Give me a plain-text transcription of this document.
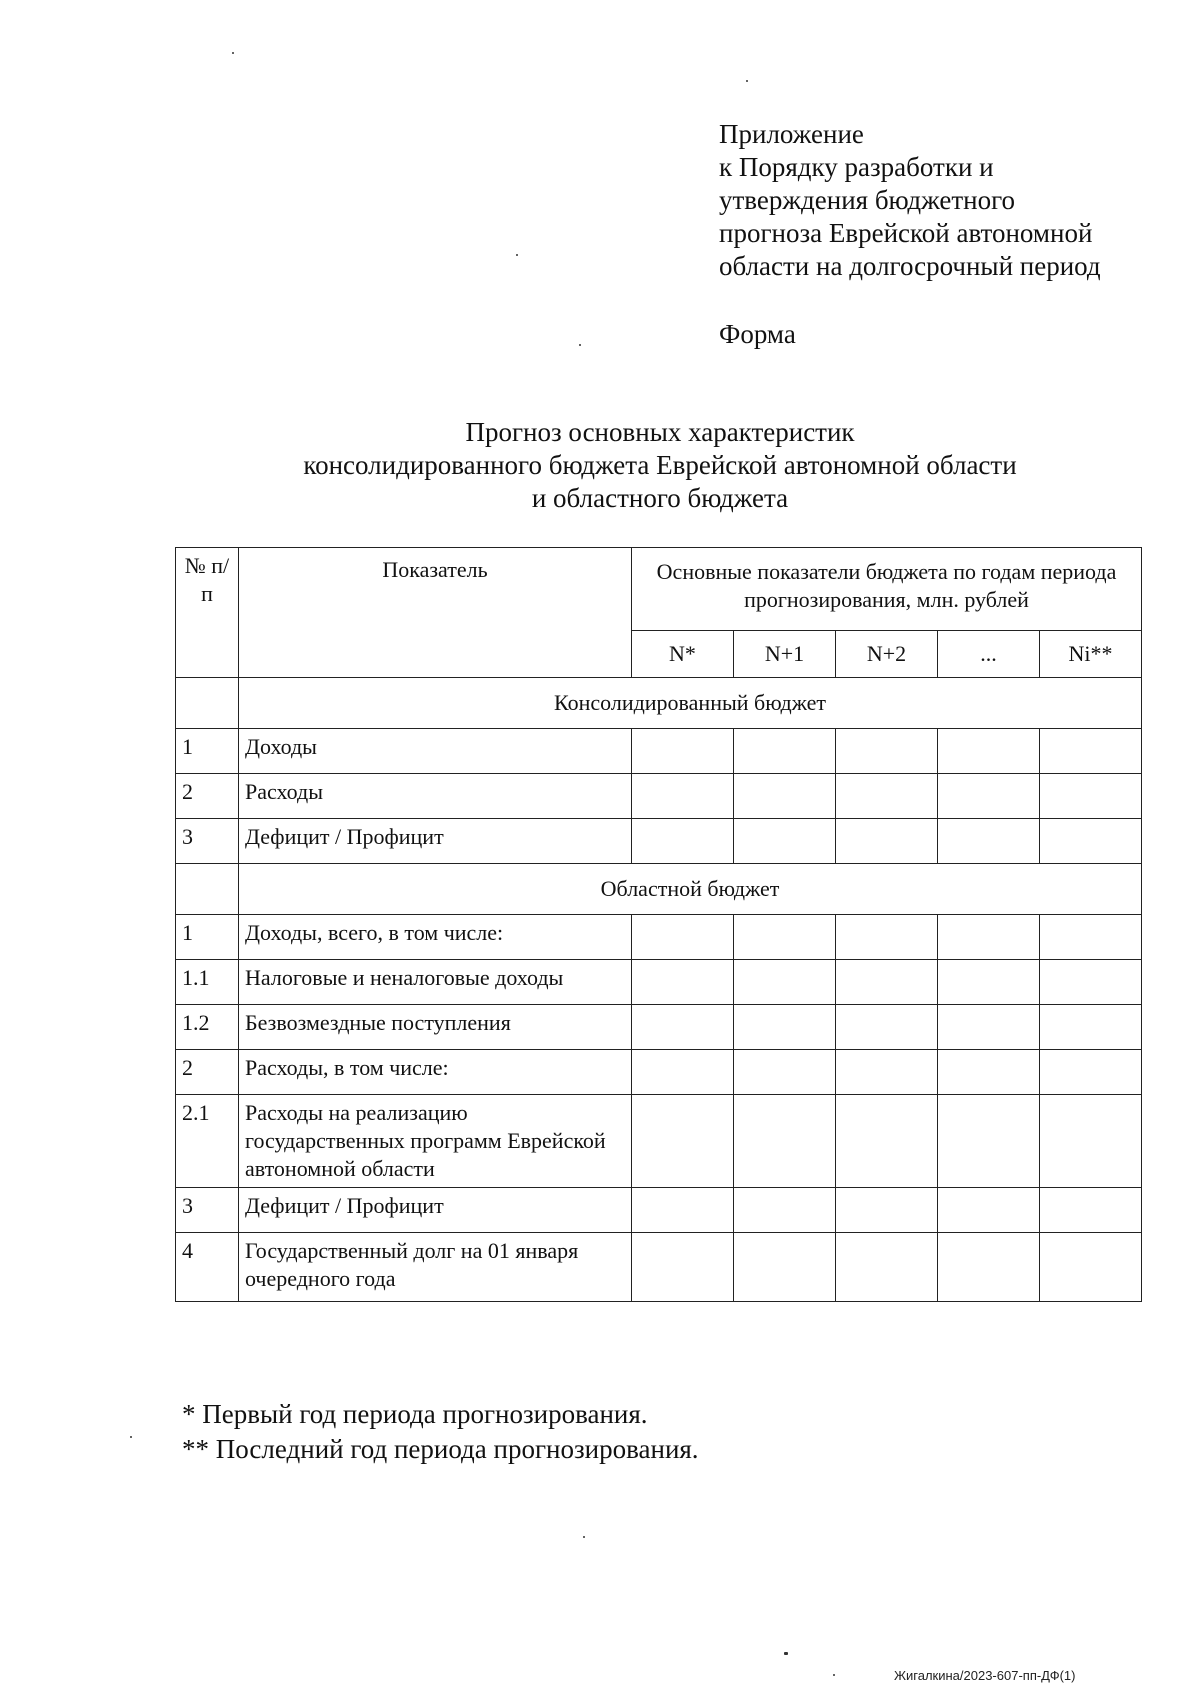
Приложение
к Порядку разработки и
утверждения бюджетного
прогноза Еврейской автономной
области на долгосрочный период
Форма
Прогноз основных характеристик
консолидированного бюджета Еврейской автономной области
и областного бюджета
№ п/п	Показатель	Основные показатели бюджета по годам периода прогнозирования, млн. рублей				
		N*	N+1	N+2	...	Ni**
	Консолидированный бюджет					
1	Доходы					
2	Расходы					
3	Дефицит / Профицит					
	Областной бюджет					
1	Доходы, всего, в том числе:					
1.1	Налоговые и неналоговые доходы					
1.2	Безвозмездные поступления					
2	Расходы, в том числе:					
2.1	Расходы на реализацию государственных программ Еврейской автономной области					
3	Дефицит / Профицит					
4	Государственный долг на 01 января очередного года					
* Первый год периода прогнозирования.
** Последний год периода прогнозирования.
Жигалкина/2023-607-пп-ДФ(1)
